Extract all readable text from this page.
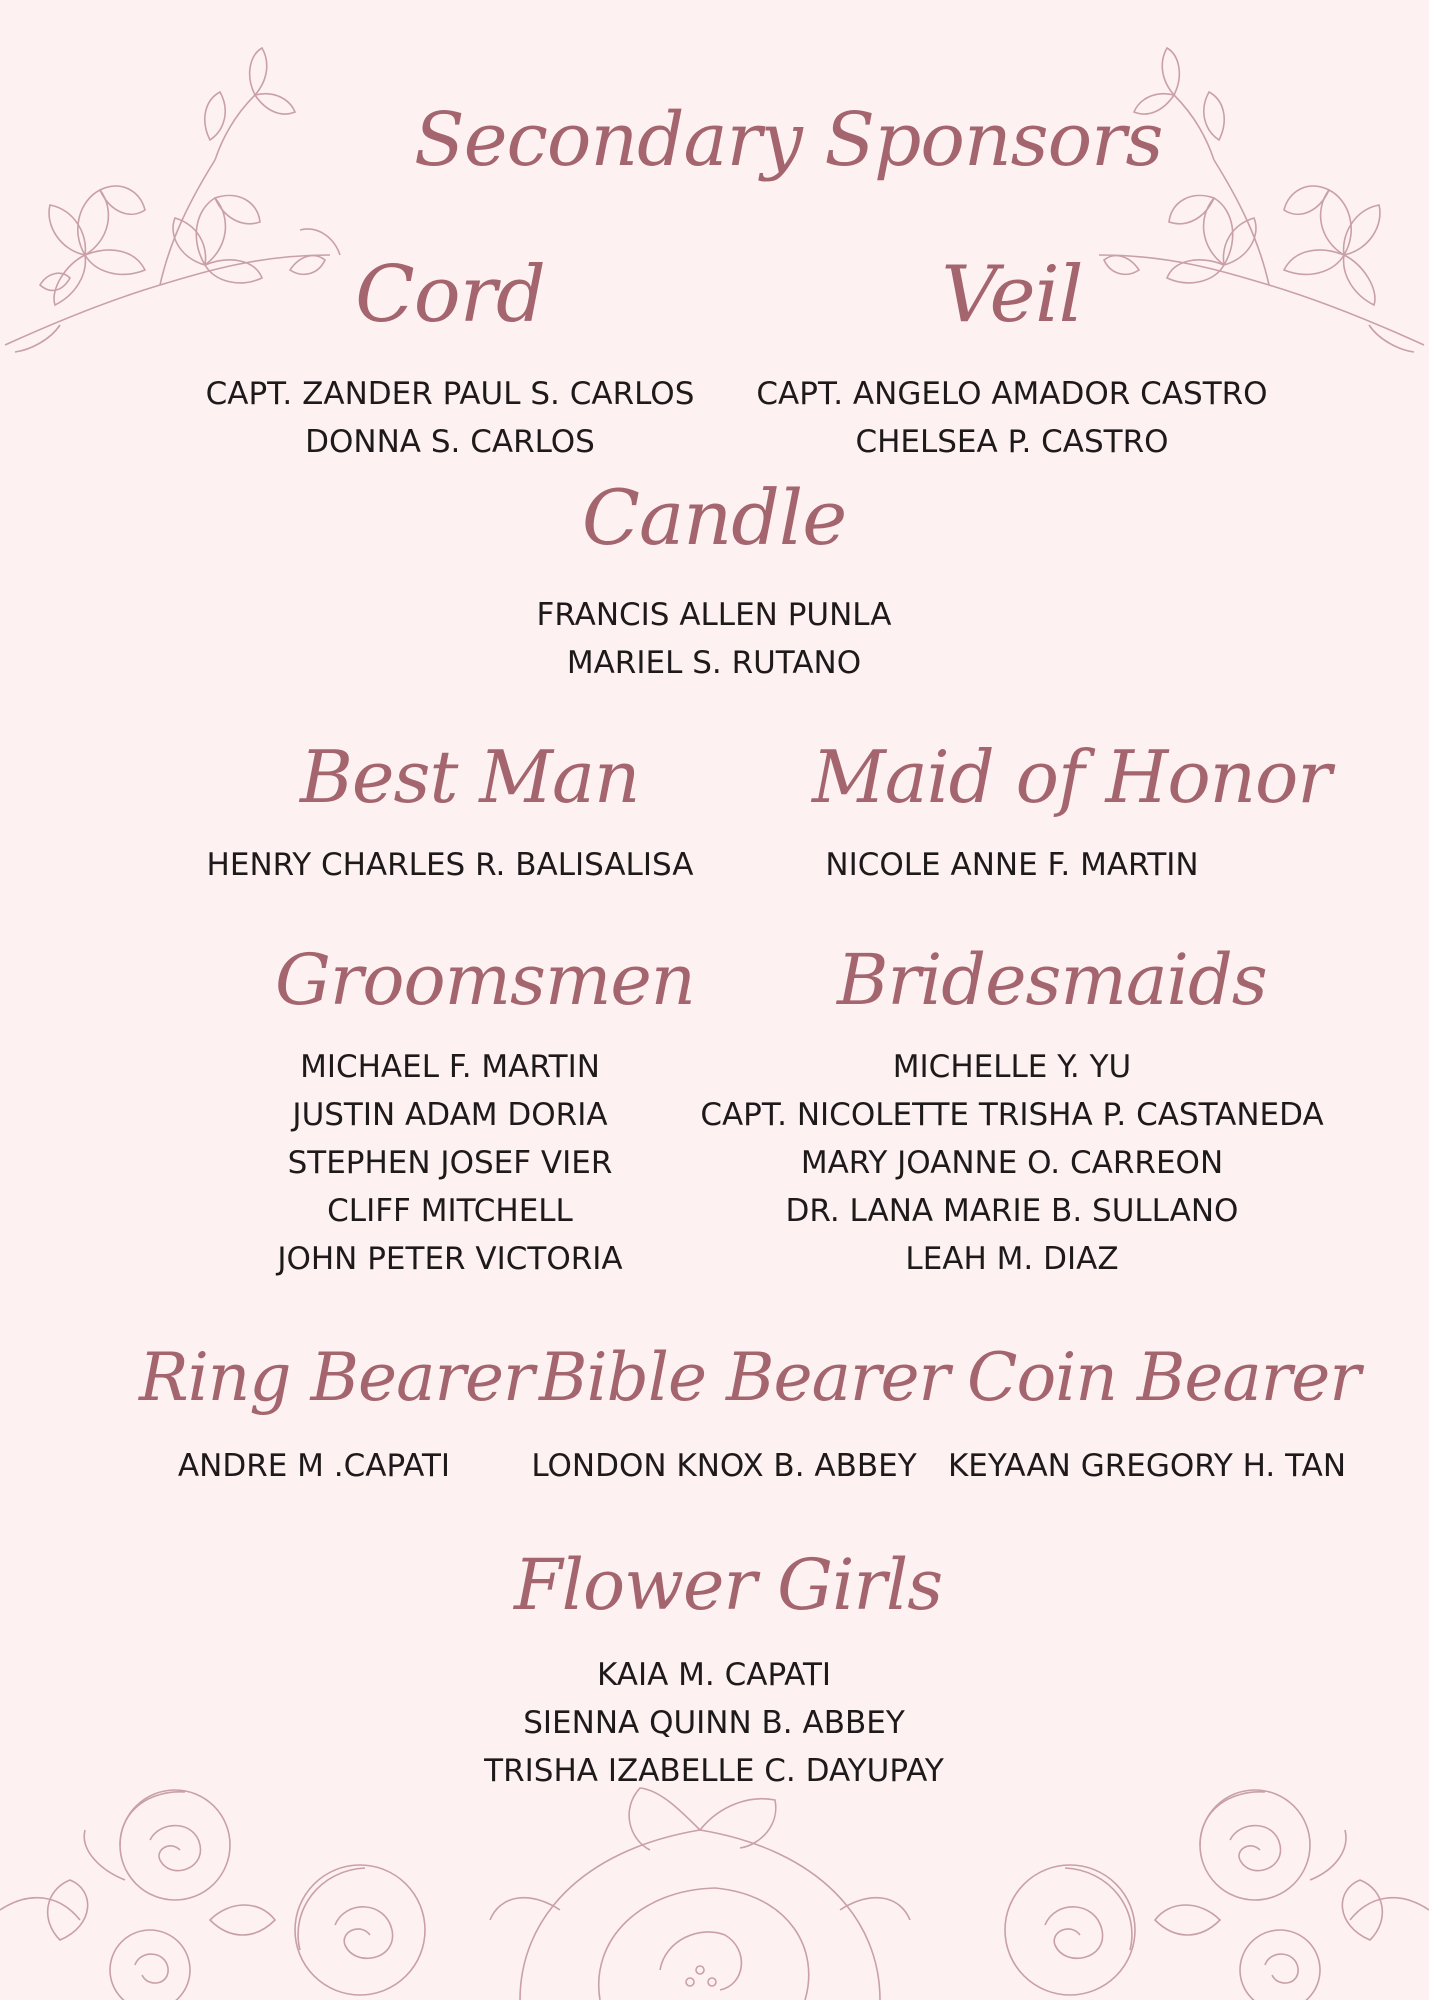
Secondary Sponsors
Cord
CAPT. ZANDER PAUL S. CARLOS
DONNA S. CARLOS
Veil
CAPT. ANGELO AMADOR CASTRO
CHELSEA P. CASTRO
Candle
FRANCIS ALLEN PUNLA
MARIEL S. RUTANO
Best Man
HENRY CHARLES R. BALISALISA
Maid of Honor
NICOLE ANNE F. MARTIN
Groomsmen
MICHAEL F. MARTIN
JUSTIN ADAM DORIA
STEPHEN JOSEF VIER
CLIFF MITCHELL
JOHN PETER VICTORIA
Bridesmaids
MICHELLE Y. YU
CAPT. NICOLETTE TRISHA P. CASTANEDA
MARY JOANNE O. CARREON
DR. LANA MARIE B. SULLANO
LEAH M. DIAZ
Ring Bearer
ANDRE M .CAPATI
Bible Bearer
LONDON KNOX B. ABBEY
Coin Bearer
KEYAAN GREGORY H. TAN
Flower Girls
KAIA M. CAPATI
SIENNA QUINN B. ABBEY
TRISHA IZABELLE C. DAYUPAY
